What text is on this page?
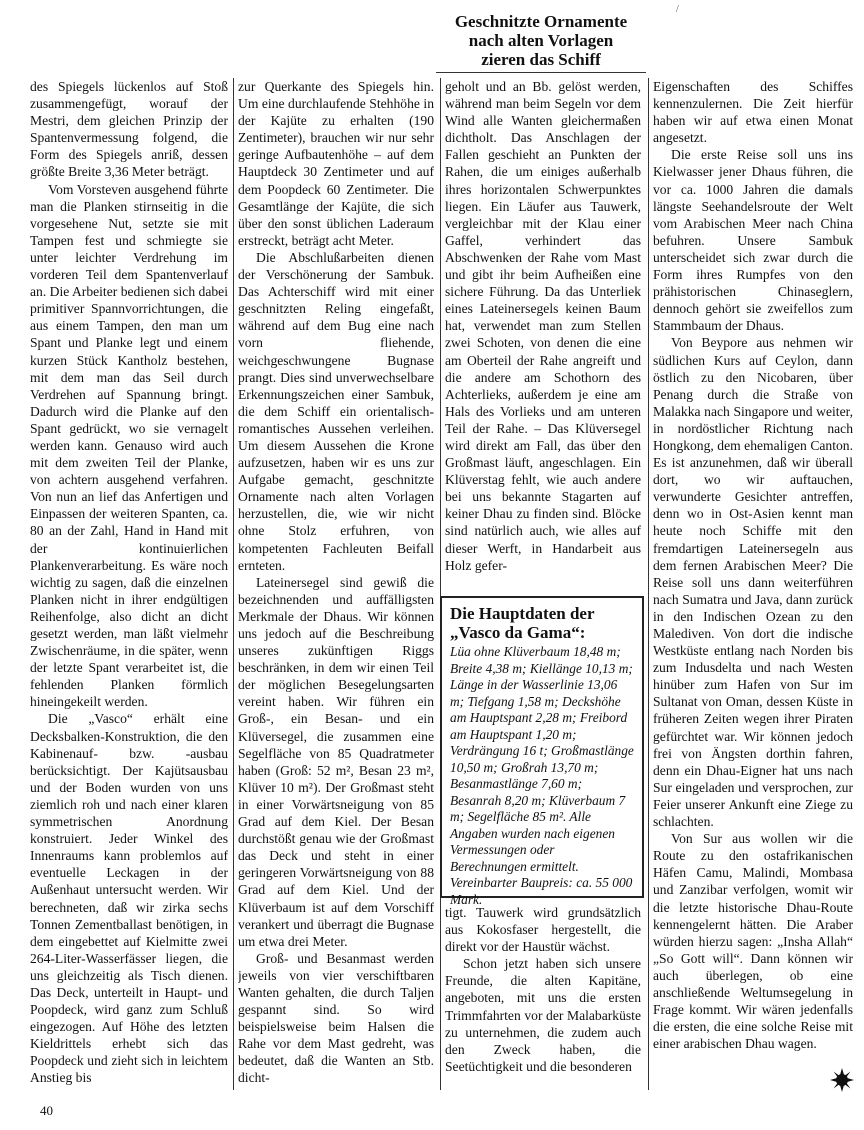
/
Geschnitzte Ornamente
nach alten Vorlagen
zieren das Schiff

des Spiegels lückenlos auf Stoß zusammengefügt, worauf der Mestri, dem gleichen Prinzip der Spantenvermessung folgend, die Form des Spiegels anriß, dessen größte Breite 3,36 Meter beträgt.

Vom Vorsteven ausgehend führte man die Planken stirnseitig in die vorgesehene Nut, setzte sie mit Tampen fest und schmiegte sie unter leichter Verdrehung im vorderen Teil dem Spantenverlauf an. Die Arbeiter bedienen sich dabei primitiver Spannvorrichtungen, die aus einem Tampen, den man um Spant und Planke legt und einem kurzen Stück Kantholz bestehen, mit dem man das Seil durch Verdrehen auf Spannung bringt. Dadurch wird die Planke auf den Spant gedrückt, wo sie vernagelt werden kann. Genauso wird auch mit dem zweiten Teil der Planke, von achtern ausgehend verfahren. Von nun an lief das Anfertigen und Einpassen der weiteren Spanten, ca. 80 an der Zahl, Hand in Hand mit der kontinuierlichen Plankenverarbeitung. Es wäre noch wichtig zu sagen, daß die einzelnen Planken nicht in ihrer endgültigen Reihenfolge, also dicht an dicht gesetzt werden, man läßt vielmehr Zwischenräume, in die später, wenn der letzte Spant verarbeitet ist, die fehlenden Planken förmlich hineingekeilt werden.

Die „Vasco“ erhält eine Decksbalken-Konstruktion, die den Kabinenauf- bzw. -ausbau berücksichtigt. Der Kajütsausbau und der Boden wurden von uns ziemlich roh und nach einer klaren symmetrischen Anordnung konstruiert. Jeder Winkel des Innenraums kann problemlos auf eventuelle Leckagen in der Außenhaut untersucht werden. Wir berechneten, daß wir zirka sechs Tonnen Zementballast benötigen, in dem eingebettet auf Kielmitte zwei 264-Liter-Wasserfässer liegen, die uns gleichzeitig als Tisch dienen. Das Deck, unterteilt in Haupt- und Poopdeck, wird ganz zum Schluß eingezogen. Auf Höhe des letzten Kieldrittels erhebt sich das Poopdeck und zieht sich in leichtem Anstieg bis

zur Querkante des Spiegels hin. Um eine durchlaufende Stehhöhe in der Kajüte zu erhalten (190 Zentimeter), brauchen wir nur sehr geringe Aufbautenhöhe – auf dem Hauptdeck 30 Zentimeter und auf dem Poopdeck 60 Zentimeter. Die Gesamtlänge der Kajüte, die sich über den sonst üblichen Laderaum erstreckt, beträgt acht Meter.

Die Abschlußarbeiten dienen der Verschönerung der Sambuk. Das Achterschiff wird mit einer geschnitzten Reling eingefaßt, während auf dem Bug eine nach vorn fliehende, weichgeschwungene Bugnase prangt. Dies sind unverwechselbare Erkennungszeichen einer Sambuk, die dem Schiff ein orientalisch-romantisches Aussehen verleihen. Um diesem Aussehen die Krone aufzusetzen, haben wir es uns zur Aufgabe gemacht, geschnitzte Ornamente nach alten Vorlagen herzustellen, die, wie wir nicht ohne Stolz erfuhren, von kompetenten Fachleuten Beifall ernteten.

Lateinersegel sind gewiß die bezeichnenden und auffälligsten Merkmale der Dhaus. Wir können uns jedoch auf die Beschreibung unseres zukünftigen Riggs beschränken, in dem wir einen Teil der möglichen Besegelungsarten vereint haben. Wir führen ein Groß-, ein Besan- und ein Klüversegel, die zusammen eine Segelfläche von 85 Quadratmeter haben (Groß: 52 m², Besan 23 m², Klüver 10 m²). Der Großmast steht in einer Vorwärtsneigung von 85 Grad auf dem Kiel. Der Besan durchstößt genau wie der Großmast das Deck und steht in einer geringeren Vorwärtsneigung von 88 Grad auf dem Kiel. Und der Klüverbaum ist auf dem Vorschiff verankert und überragt die Bugnase um etwa drei Meter.

Groß- und Besanmast werden jeweils von vier verschiftbaren Wanten gehalten, die durch Taljen gespannt sind. So wird beispielsweise beim Halsen die Rahe vor dem Mast gedreht, was bedeutet, daß die Wanten an Stb. dicht-

geholt und an Bb. gelöst werden, während man beim Segeln vor dem Wind alle Wanten gleichermaßen dichtholt. Das Anschlagen der Fallen geschieht an Punkten der Rahen, die um einiges außerhalb ihres horizontalen Schwerpunktes liegen. Ein Läufer aus Tauwerk, vergleichbar mit der Klau einer Gaffel, verhindert das Abschwenken der Rahe vom Mast und gibt ihr beim Aufheißen eine sichere Führung. Da das Unterliek eines Lateinersegels keinen Baum hat, verwendet man zum Stellen zwei Schoten, von denen die eine am Oberteil der Rahe angreift und die andere am Schothorn des Achterlieks, außerdem je eine am Hals des Vorlieks und am unteren Teil der Rahe. – Das Klüversegel wird direkt am Fall, das über den Großmast läuft, angeschlagen. Ein Klüverstag fehlt, wie auch andere bei uns bekannte Stagarten auf keiner Dhau zu finden sind. Blöcke sind natürlich auch, wie alles auf dieser Werft, in Handarbeit aus Holz gefer-

Die Hauptdaten der
„Vasco da Gama“:
Lüa ohne Klüverbaum 18,48 m; Breite 4,38 m; Kiellänge 10,13 m; Länge in der Wasserlinie 13,06 m; Tiefgang 1,58 m; Deckshöhe am Hauptspant 2,28 m; Freibord am Hauptspant 1,20 m; Verdrängung 16 t; Großmastlänge 10,50 m; Großrah 13,70 m; Besanmastlänge 7,60 m; Besanrah 8,20 m; Klüverbaum 7 m; Segelfläche 85 m². Alle Angaben wurden nach eigenen Vermessungen oder Berechnungen ermittelt. Vereinbarter Baupreis: ca. 55 000 Mark.

tigt. Tauwerk wird grundsätzlich aus Kokosfaser hergestellt, die direkt vor der Haustür wächst.

Schon jetzt haben sich unsere Freunde, die alten Kapitäne, angeboten, mit uns die ersten Trimmfahrten vor der Malabarküste zu unternehmen, die zudem auch den Zweck haben, die Seetüchtigkeit und die besonderen

Eigenschaften des Schiffes kennenzulernen. Die Zeit hierfür haben wir auf etwa einen Monat angesetzt.

Die erste Reise soll uns ins Kielwasser jener Dhaus führen, die vor ca. 1000 Jahren die damals längste Seehandelsroute der Welt vom Arabischen Meer nach China befuhren. Unsere Sambuk unterscheidet sich zwar durch die Form ihres Rumpfes von den prähistorischen Chinaseglern, dennoch gehört sie zweifellos zum Stammbaum der Dhaus.

Von Beypore aus nehmen wir südlichen Kurs auf Ceylon, dann östlich zu den Nicobaren, über Penang durch die Straße von Malakka nach Singapore und weiter, in nordöstlicher Richtung nach Hongkong, dem ehemaligen Canton. Es ist anzunehmen, daß wir überall dort, wo wir auftauchen, verwunderte Gesichter antreffen, denn wo in Ost-Asien kennt man heute noch Schiffe mit den fremdartigen Lateinersegeln aus dem fernen Arabischen Meer? Die Reise soll uns dann weiterführen nach Sumatra und Java, dann zurück in den Indischen Ozean zu den Malediven. Von dort die indische Westküste entlang nach Norden bis zum Indusdelta und nach Westen hinüber zum Hafen von Sur im Sultanat von Oman, dessen Küste in früheren Zeiten wegen ihrer Piraten gefürchtet war. Wir können jedoch frei von Ängsten dorthin fahren, denn ein Dhau-Eigner hat uns nach Sur eingeladen und versprochen, zur Feier unserer Ankunft eine Ziege zu schlachten.

Von Sur aus wollen wir die Route zu den ostafrikanischen Häfen Camu, Malindi, Mombasa und Zanzibar verfolgen, womit wir die letzte historische Dhau-Route kennengelernt hätten. Die Araber würden hierzu sagen: „Insha Allah“ „So Gott will“. Dann können wir auch überlegen, ob eine anschließende Weltumsegelung in Frage kommt. Wir wären jedenfalls die ersten, die eine solche Reise mit einer arabischen Dhau wagen.

40
